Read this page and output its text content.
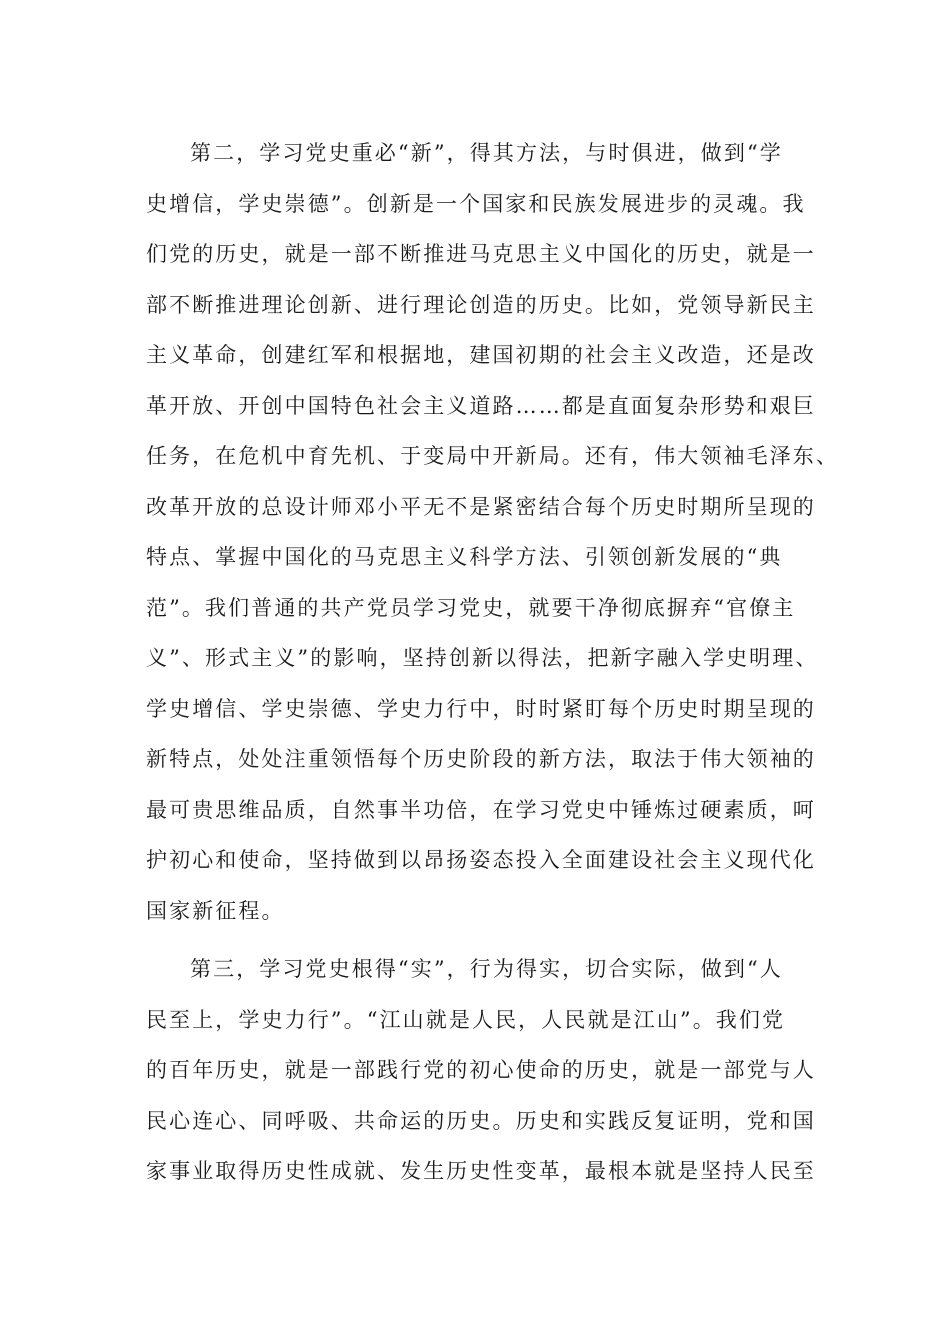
第二，学习党史重必“新”，得其方法，与时俱进，做到“学
史增信，学史崇德”。创新是一个国家和民族发展进步的灵魂。我
们党的历史，就是一部不断推进马克思主义中国化的历史，就是一
部不断推进理论创新、进行理论创造的历史。比如，党领导新民主
主义革命，创建红军和根据地，建国初期的社会主义改造，还是改
革开放、开创中国特色社会主义道路……都是直面复杂形势和艰巨
任务，在危机中育先机、于变局中开新局。还有，伟大领袖毛泽东、
改革开放的总设计师邓小平无不是紧密结合每个历史时期所呈现的
特点、掌握中国化的马克思主义科学方法、引领创新发展的“典
范”。我们普通的共产党员学习党史，就要干净彻底摒弃“官僚主
义”、形式主义”的影响，坚持创新以得法，把新字融入学史明理、
学史增信、学史崇德、学史力行中，时时紧盯每个历史时期呈现的
新特点，处处注重领悟每个历史阶段的新方法，取法于伟大领袖的
最可贵思维品质，自然事半功倍，在学习党史中锤炼过硬素质，呵
护初心和使命，坚持做到以昂扬姿态投入全面建设社会主义现代化
国家新征程。
第三，学习党史根得“实”，行为得实，切合实际，做到“人
民至上，学史力行”。“江山就是人民，人民就是江山”。我们党
的百年历史，就是一部践行党的初心使命的历史，就是一部党与人
民心连心、同呼吸、共命运的历史。历史和实践反复证明，党和国
家事业取得历史性成就、发生历史性变革，最根本就是坚持人民至
